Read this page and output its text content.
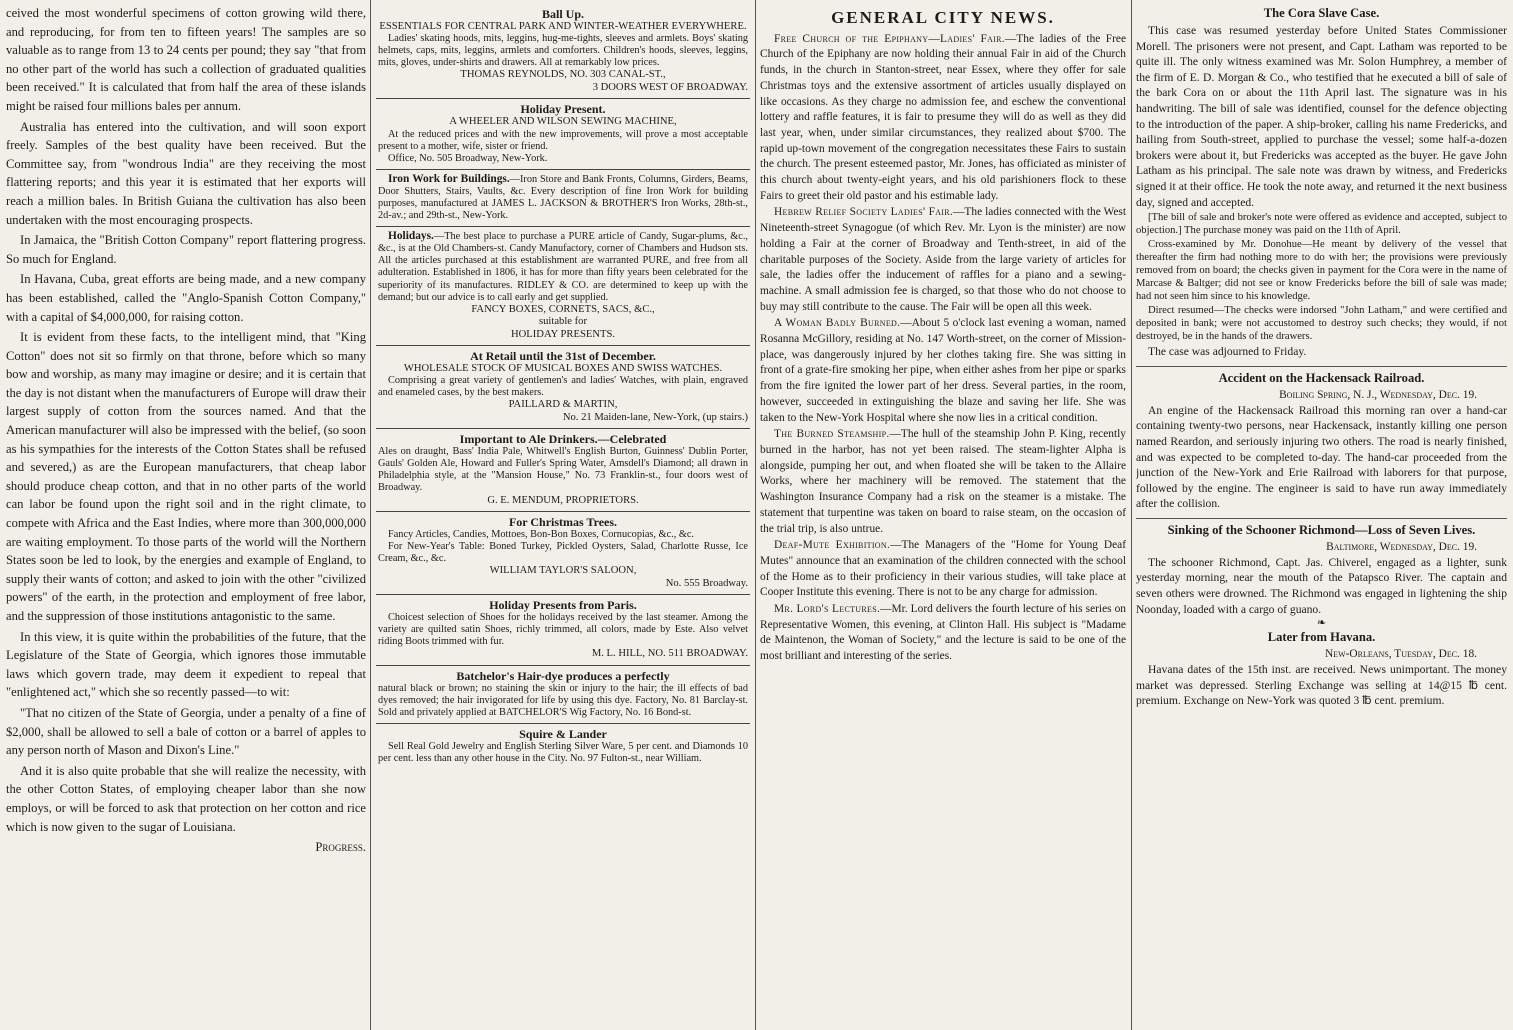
ceived the most wonderful specimens of cotton growing wild there, and reproducing, for from ten to fifteen years! The samples are so valuable as to range from 13 to 24 cents per pound; they say "that from no other part of the world has such a collection of graduated qualities been received." It is calculated that from half the area of these islands might be raised four millions bales per annum.

Australia has entered into the cultivation, and will soon export freely. Samples of the best quality have been received. But the Committee say, from "wondrous India" are they receiving the most flattering reports; and this year it is estimated that her exports will reach a million bales. In British Guiana the cultivation has also been undertaken with the most encouraging prospects.

In Jamaica, the "British Cotton Company" report flattering progress. So much for England.

In Havana, Cuba, great efforts are being made, and a new company has been established, called the "Anglo-Spanish Cotton Company," with a capital of $4,000,000, for raising cotton.

It is evident from these facts, to the intelligent mind, that "King Cotton" does not sit so firmly on that throne, before which so many bow and worship, as many may imagine or desire; and it is certain that the day is not distant when the manufacturers of Europe will draw their largest supply of cotton from the sources named. And that the American manufacturer will also be impressed with the belief, (so soon as his sympathies for the interests of the Cotton States shall be refused and severed,) as are the European manufacturers, that cheap labor should produce cheap cotton, and that in no other parts of the world can labor be found upon the right soil and in the right climate, to compete with Africa and the East Indies, where more than 300,000,000 are waiting employment. To those parts of the world will the Northern States soon be led to look, by the energies and example of England, to supply their wants of cotton; and asked to join with the other "civilized powers" of the earth, in the protection and employment of free labor, and the suppression of those institutions antagonistic to the same.

In this view, it is quite within the probabilities of the future, that the Legislature of the State of Georgia, which ignores those immutable laws which govern trade, may deem it expedient to repeal that "enlightened act," which she so recently passed—to wit:

"That no citizen of the State of Georgia, under a penalty of a fine of $2,000, shall be allowed to sell a bale of cotton or a barrel of apples to any person north of Mason and Dixon's Line."

And it is also quite probable that she will realize the necessity, with the other Cotton States, of employing cheaper labor than she now employs, or will be forced to ask that protection on her cotton and rice which is now given to the sugar of Louisiana.

Progress.

Ball Up.
ESSENTIALS FOR CENTRAL PARK AND WINTER-WEATHER EVERYWHERE.

Ladies' skating hoods, mits, leggins, hug-me-tights, sleeves and armlets. Boys' skating helmets, caps, mits, leggins, armlets and comforters. Children's hoods, sleeves, leggins, mits, gloves, under-shirts and drawers. All at remarkably low prices.

THOMAS REYNOLDS, NO. 303 CANAL-ST.,

3 DOORS WEST OF BROADWAY.

Holiday Present.
A WHEELER AND WILSON SEWING MACHINE,

At the reduced prices and with the new improvements, will prove a most acceptable present to a mother, wife, sister or friend.

Office, No. 505 Broadway, New-York.

Iron Work for Buildings.—Iron Store and Bank Fronts, Columns, Girders, Beams, Door Shutters, Stairs, Vaults, &c. Every description of fine Iron Work for building purposes, manufactured at JAMES L. JACKSON & BROTHER'S Iron Works, 28th-st., 2d-av.; and 29th-st., New-York.

Holidays.—The best place to purchase a PURE article of Candy, Sugar-plums, &c., &c., is at the Old Chambers-st. Candy Manufactory, corner of Chambers and Hudson sts. All the articles purchased at this establishment are warranted PURE, and free from all adulteration. Established in 1806, it has for more than fifty years been celebrated for the superiority of its manufactures. RIDLEY & CO. are determined to keep up with the demand; but our advice is to call early and get supplied.

FANCY BOXES, CORNETS, SACS, &C.,

suitable for

HOLIDAY PRESENTS.

At Retail until the 31st of December.
WHOLESALE STOCK OF MUSICAL BOXES AND SWISS WATCHES.

Comprising a great variety of gentlemen's and ladies' Watches, with plain, engraved and enameled cases, by the best makers.

PAILLARD & MARTIN,

No. 21 Maiden-lane, New-York, (up stairs.)

Important to Ale Drinkers.—Celebrated

Ales on draught, Bass' India Pale, Whitwell's English Burton, Guinness' Dublin Porter, Gauls' Golden Ale, Howard and Fuller's Spring Water, Amsdell's Diamond; all drawn in Philadelphia style, at the "Mansion House," No. 73 Franklin-st., four doors west of Broadway.

G. E. MENDUM, PROPRIETORS.

For Christmas Trees.

Fancy Articles, Candies, Mottoes, Bon-Bon Boxes, Cornucopias, &c., &c.

For New-Year's Table: Boned Turkey, Pickled Oysters, Salad, Charlotte Russe, Ice Cream, &c., &c.

WILLIAM TAYLOR'S SALOON,

No. 555 Broadway.

Holiday Presents from Paris.

Choicest selection of Shoes for the holidays received by the last steamer. Among the variety are quilted satin Shoes, richly trimmed, all colors, made by Este. Also velvet riding Boots trimmed with fur.

M. L. HILL, NO. 511 BROADWAY.

Batchelor's Hair-dye produces a perfectly

natural black or brown; no staining the skin or injury to the hair; the ill effects of bad dyes removed; the hair invigorated for life by using this dye. Factory, No. 81 Barclay-st. Sold and privately applied at BATCHELOR'S Wig Factory, No. 16 Bond-st.

Squire & Lander

Sell Real Gold Jewelry and English Sterling Silver Ware, 5 per cent. and Diamonds 10 per cent. less than any other house in the City. No. 97 Fulton-st., near William.

GENERAL CITY NEWS.

Free Church of the Epiphany—Ladies' Fair.—The ladies of the Free Church of the Epiphany are now holding their annual Fair in aid of the Church funds, in the church in Stanton-street, near Essex, where they offer for sale Christmas toys and the extensive assortment of articles usually displayed on like occasions. As they charge no admission fee, and eschew the conventional lottery and raffle features, it is fair to presume they will do as well as they did last year, when, under similar circumstances, they realized about $700. The rapid up-town movement of the congregation necessitates these Fairs to sustain the church. The present esteemed pastor, Mr. Jones, has officiated as minister of this church about twenty-eight years, and his old parishioners flock to these Fairs to greet their old pastor and his estimable lady.

Hebrew Relief Society Ladies' Fair.—The ladies connected with the West Nineteenth-street Synagogue (of which Rev. Mr. Lyon is the minister) are now holding a Fair at the corner of Broadway and Tenth-street, in aid of the charitable purposes of the Society. Aside from the large variety of articles for sale, the ladies offer the inducement of raffles for a piano and a sewing-machine. A small admission fee is charged, so that those who do not choose to buy may still contribute to the cause. The Fair will be open all this week.

A Woman Badly Burned.—About 5 o'clock last evening a woman, named Rosanna McGillory, residing at No. 147 Worth-street, on the corner of Mission-place, was dangerously injured by her clothes taking fire. She was sitting in front of a grate-fire smoking her pipe, when either ashes from her pipe or sparks from the fire ignited the lower part of her dress. Several parties, in the room, however, succeeded in extinguishing the blaze and saving her life. She was taken to the New-York Hospital where she now lies in a critical condition.

The Burned Steamship.—The hull of the steamship John P. King, recently burned in the harbor, has not yet been raised. The steam-lighter Alpha is alongside, pumping her out, and when floated she will be taken to the Allaire Works, where her machinery will be removed. The statement that the Washington Insurance Company had a risk on the steamer is a mistake. The statement that turpentine was taken on board to raise steam, on the occasion of the trial trip, is also untrue.

Deaf-Mute Exhibition.—The Managers of the "Home for Young Deaf Mutes" announce that an examination of the children connected with the school of the Home as to their proficiency in their various studies, will take place at Cooper Institute this evening. There is not to be any charge for admission.

Mr. Lord's Lectures.—Mr. Lord delivers the fourth lecture of his series on Representative Women, this evening, at Clinton Hall. His subject is "Madame de Maintenon, the Woman of Society," and the lecture is said to be one of the most brilliant and interesting of the series.

The Cora Slave Case.

This case was resumed yesterday before United States Commissioner Morell. The prisoners were not present, and Capt. Latham was reported to be quite ill. The only witness examined was Mr. Solon Humphrey, a member of the firm of E. D. Morgan & Co., who testified that he executed a bill of sale of the bark Cora on or about the 11th April last. The signature was in his handwriting. The bill of sale was identified, counsel for the defence objecting to the introduction of the paper. A ship-broker, calling his name Fredericks, and hailing from South-street, applied to purchase the vessel; some half-a-dozen brokers were about it, but Fredericks was accepted as the buyer. He gave John Latham as his principal. The sale note was drawn by witness, and Fredericks signed it at their office. He took the note away, and returned it the next business day, signed and accepted.

[The bill of sale and broker's note were offered as evidence and accepted, subject to objection.] The purchase money was paid on the 11th of April.

Cross-examined by Mr. Donohue—He meant by delivery of the vessel that thereafter the firm had nothing more to do with her; the provisions were previously removed from on board; the checks given in payment for the Cora were in the name of Marcase & Baltger; did not see or know Fredericks before the bill of sale was made; had not seen him since to his knowledge.

Direct resumed—The checks were indorsed "John Latham," and were certified and deposited in bank; were not accustomed to destroy such checks; they would, if not destroyed, be in the hands of the drawers.

The case was adjourned to Friday.

Accident on the Hackensack Railroad.
Boiling Spring, N. J., Wednesday, Dec. 19.

An engine of the Hackensack Railroad this morning ran over a hand-car containing twenty-two persons, near Hackensack, instantly killing one person named Reardon, and seriously injuring two others. The road is nearly finished, and was expected to be completed to-day. The hand-car proceeded from the junction of the New-York and Erie Railroad with laborers for that purpose, followed by the engine. The engineer is said to have run away immediately after the collision.

Sinking of the Schooner Richmond—Loss of Seven Lives.
Baltimore, Wednesday, Dec. 19.

The schooner Richmond, Capt. Jas. Chiverel, engaged as a lighter, sunk yesterday morning, near the mouth of the Patapsco River. The captain and seven others were drowned. The Richmond was engaged in lightening the ship Noonday, loaded with a cargo of guano.

❧
Later from Havana.
New-Orleans, Tuesday, Dec. 18.

Havana dates of the 15th inst. are received. News unimportant. The money market was depressed. Sterling Exchange was selling at 14@15 ℔ cent. premium. Exchange on New-York was quoted 3 ℔ cent. premium.
